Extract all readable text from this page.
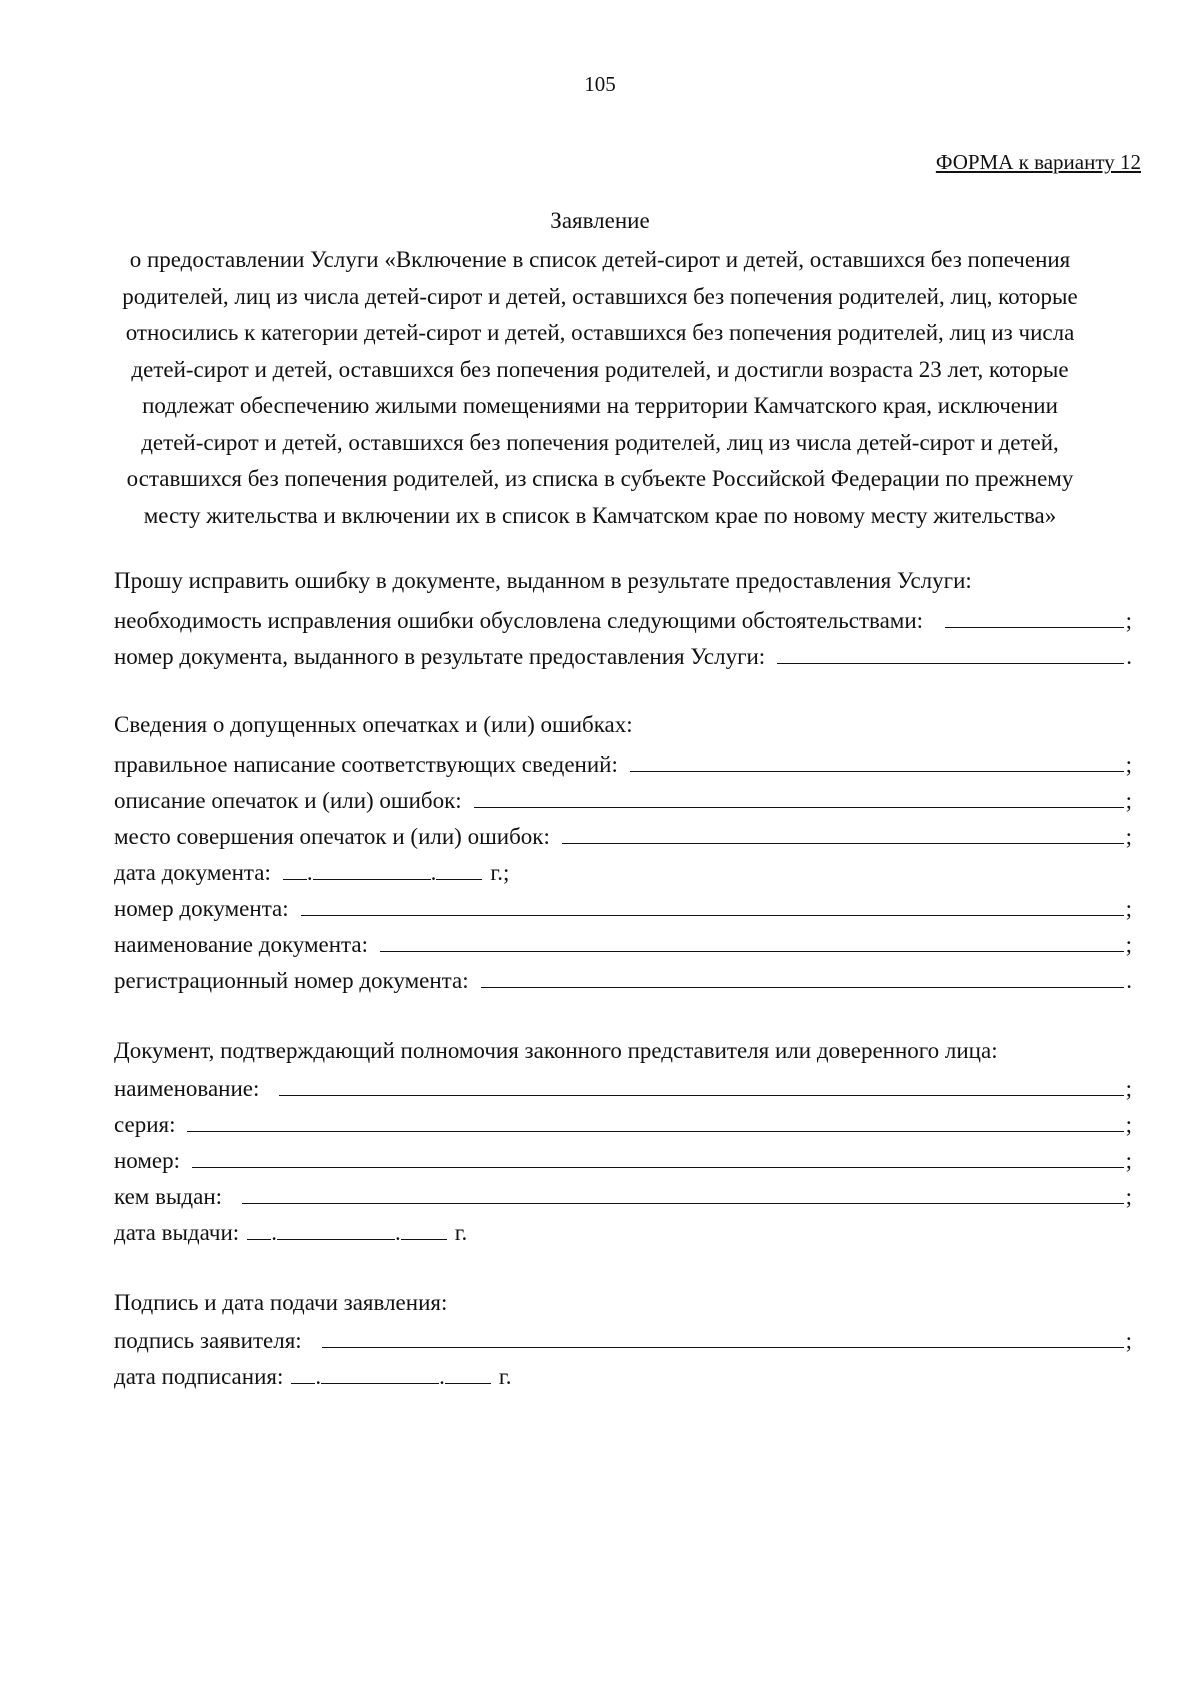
105
ФОРМА к варианту 12
Заявление
о предоставлении Услуги «Включение в список детей-сирот и детей, оставшихся без попечения
родителей, лиц из числа детей-сирот и детей, оставшихся без попечения родителей, лиц, которые
относились к категории детей-сирот и детей, оставшихся без попечения родителей, лиц из числа
детей-сирот и детей, оставшихся без попечения родителей, и достигли возраста 23 лет, которые
подлежат обеспечению жилыми помещениями на территории Камчатского края, исключении
детей-сирот и детей, оставшихся без попечения родителей, лиц из числа детей-сирот и детей,
оставшихся без попечения родителей, из списка в субъекте Российской Федерации по прежнему
месту жительства и включении их в список в Камчатском крае по новому месту жительства»
Прошу исправить ошибку в документе, выданном в результате предоставления Услуги:
необходимость исправления ошибки обусловлена следующими обстоятельствами:	;
номер документа, выданного в результате предоставления Услуги:	.
Сведения о допущенных опечатках и (или) ошибках:
правильное написание соответствующих сведений:	;
описание опечаток и (или) ошибок:	;
место совершения опечаток и (или) ошибок:	;
дата документа: .	. г.;
номер документа:	;
наименование документа:	;
регистрационный номер документа:	.
Документ, подтверждающий полномочия законного представителя или доверенного лица:
наименование:	;
серия:	;
номер:	;
кем выдан:	;
дата выдачи: .	. г.
Подпись и дата подачи заявления:
подпись заявителя:	;
дата подписания: .	. г.
